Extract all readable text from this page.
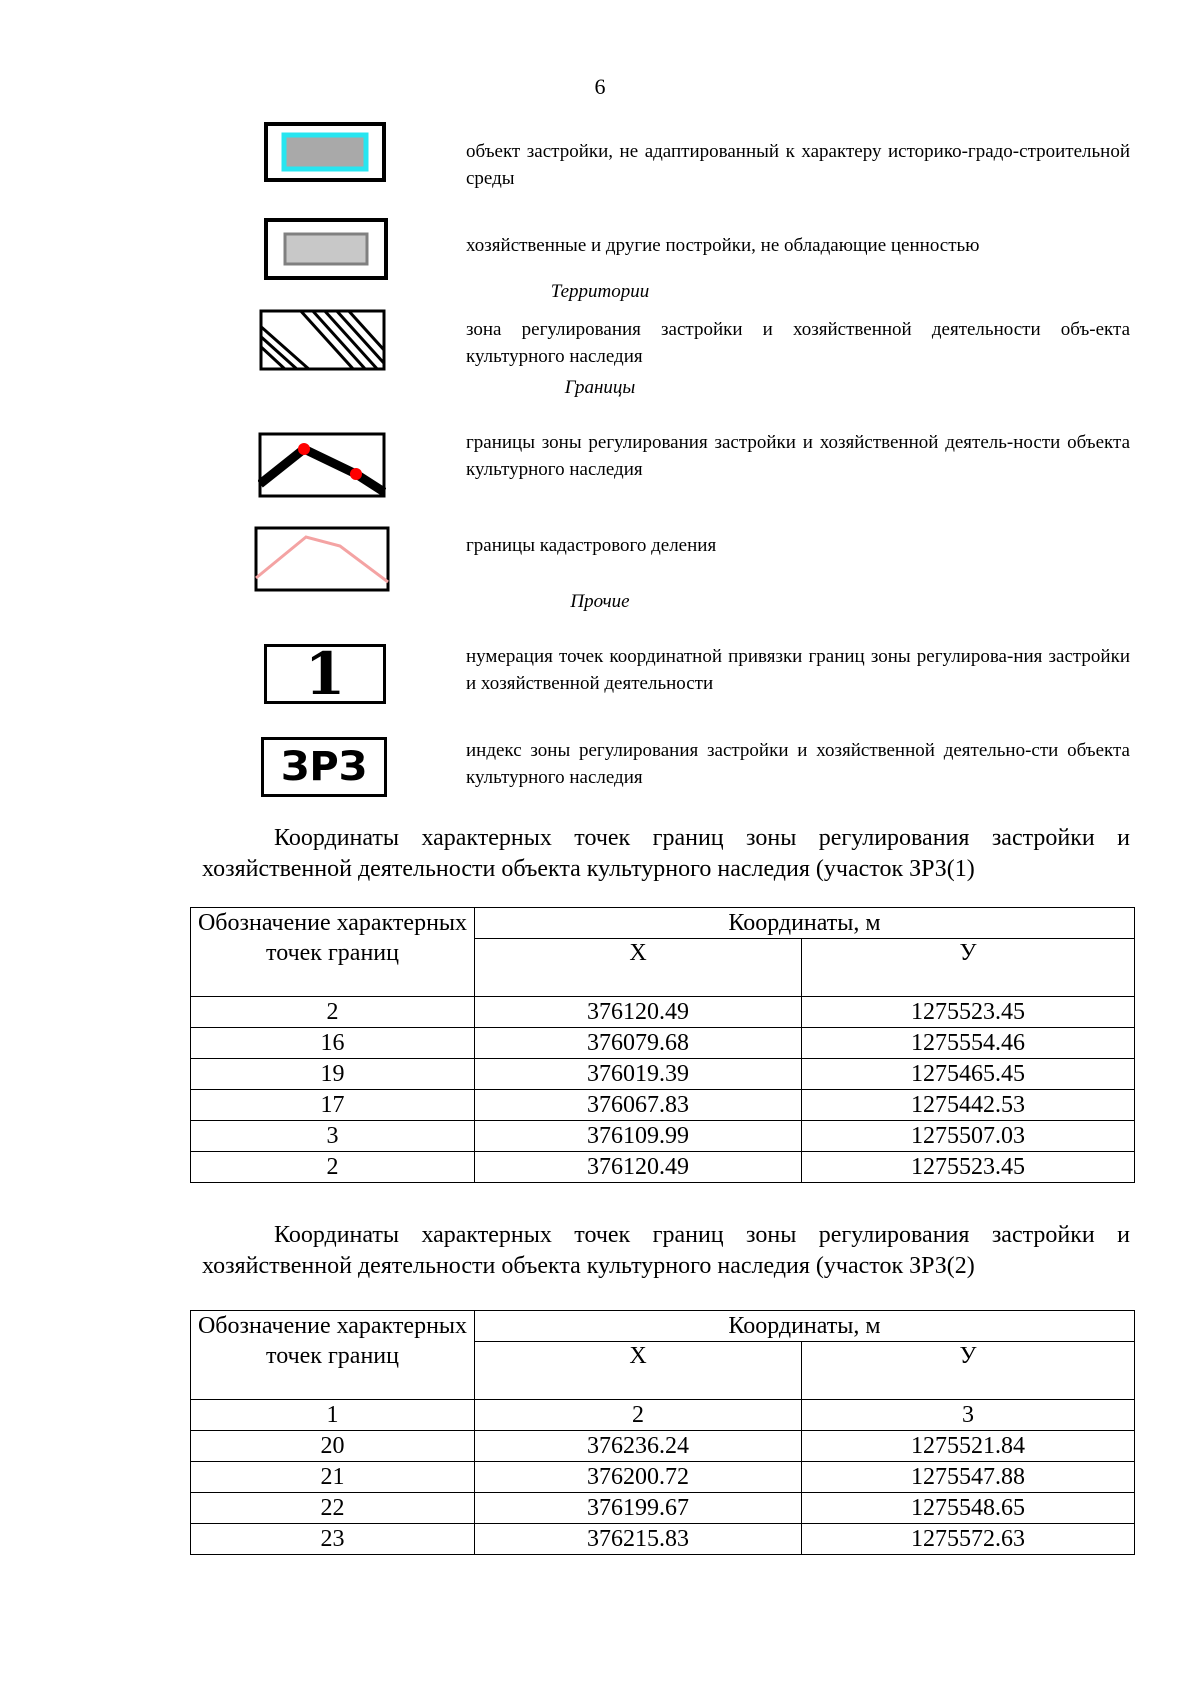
6
объект застройки, не адаптированный к характеру историко-градо-строительной среды
хозяйственные и другие постройки, не обладающие ценностью
Территории
зона регулирования застройки и хозяйственной деятельности объ-екта культурного наследия
Границы
границы зоны регулирования застройки и хозяйственной деятель-ности объекта культурного наследия
границы кадастрового деления
Прочие
1	нумерация точек координатной привязки границ зоны регулирова-ния застройки и хозяйственной деятельности
ЗРЗ	индекс зоны регулирования застройки и хозяйственной деятельно-сти объекта культурного наследия
Координаты характерных точек границ зоны регулирования застройки и хозяйственной деятельности объекта культурного наследия (участок ЗРЗ(1)
Обозначение характерных точек границ	Координаты, м	
	Х	У
2	376120.49	1275523.45
16	376079.68	1275554.46
19	376019.39	1275465.45
17	376067.83	1275442.53
3	376109.99	1275507.03
2	376120.49	1275523.45
Координаты характерных точек границ зоны регулирования застройки и хозяйственной деятельности объекта культурного наследия (участок ЗРЗ(2)
Обозначение характерных точек границ	Координаты, м	
	Х	У
1	2	3
20	376236.24	1275521.84
21	376200.72	1275547.88
22	376199.67	1275548.65
23	376215.83	1275572.63
